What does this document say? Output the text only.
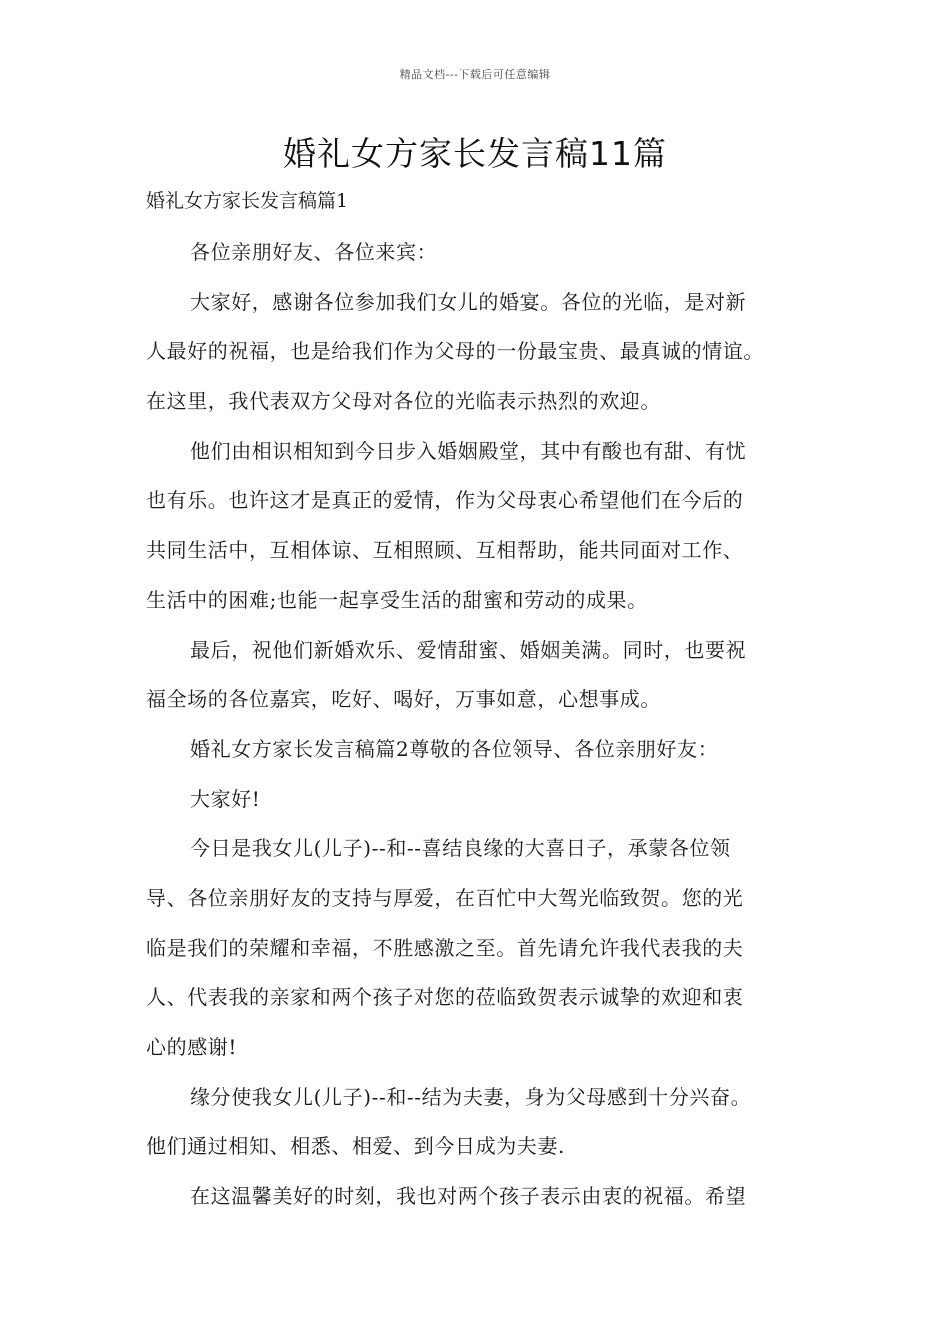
精品文档---下载后可任意编辑
婚礼女方家长发言稿11篇
婚礼女方家长发言稿篇1
各位亲朋好友、各位来宾：
大家好，感谢各位参加我们女儿的婚宴。各位的光临，是对新
人最好的祝福，也是给我们作为父母的一份最宝贵、最真诚的情谊。
在这里，我代表双方父母对各位的光临表示热烈的欢迎。
他们由相识相知到今日步入婚姻殿堂，其中有酸也有甜、有忧
也有乐。也许这才是真正的爱情，作为父母衷心希望他们在今后的
共同生活中，互相体谅、互相照顾、互相帮助，能共同面对工作、
生活中的困难;也能一起享受生活的甜蜜和劳动的成果。
最后，祝他们新婚欢乐、爱情甜蜜、婚姻美满。同时，也要祝
福全场的各位嘉宾，吃好、喝好，万事如意，心想事成。
婚礼女方家长发言稿篇2尊敬的各位领导、各位亲朋好友：
大家好!
今日是我女儿(儿子)--和--喜结良缘的大喜日子，承蒙各位领
导、各位亲朋好友的支持与厚爱，在百忙中大驾光临致贺。您的光
临是我们的荣耀和幸福，不胜感激之至。首先请允许我代表我的夫
人、代表我的亲家和两个孩子对您的莅临致贺表示诚挚的欢迎和衷
心的感谢!
缘分使我女儿(儿子)--和--结为夫妻，身为父母感到十分兴奋。
他们通过相知、相悉、相爱、到今日成为夫妻.
在这温馨美好的时刻，我也对两个孩子表示由衷的祝福。希望
